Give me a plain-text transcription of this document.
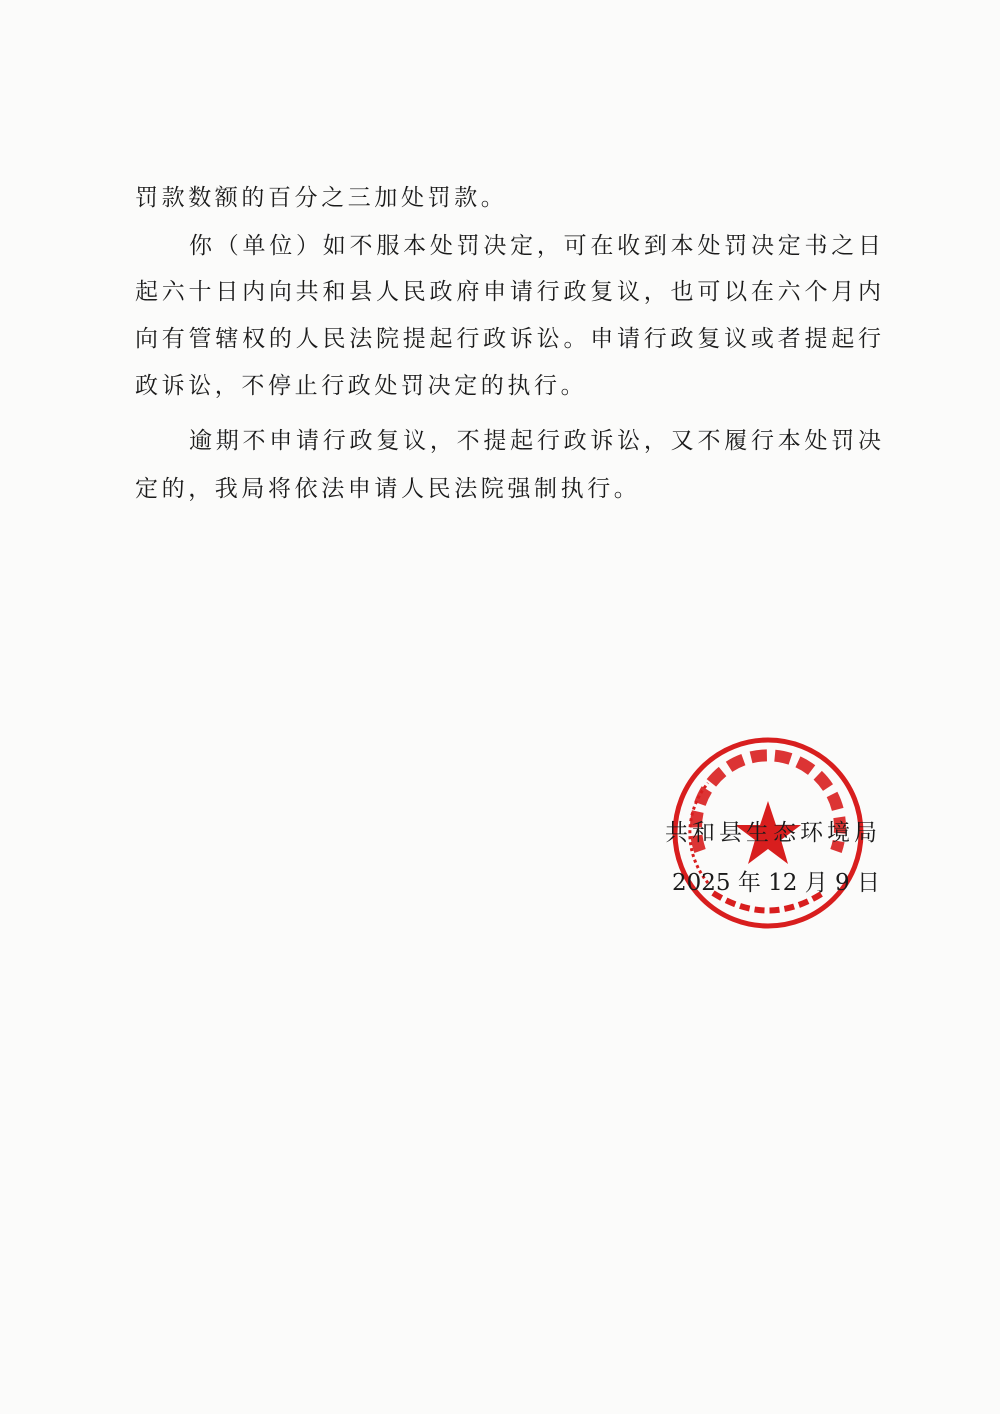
罚款数额的百分之三加处罚款。
你（单位）如不服本处罚决定，可在收到本处罚决定书之日
起六十日内向共和县人民政府申请行政复议，也可以在六个月内
向有管辖权的人民法院提起行政诉讼。申请行政复议或者提起行
政诉讼，不停止行政处罚决定的执行。
逾期不申请行政复议，不提起行政诉讼，又不履行本处罚决
定的，我局将依法申请人民法院强制执行。
共和县生态环境局
2025 年 12 月 9 日
